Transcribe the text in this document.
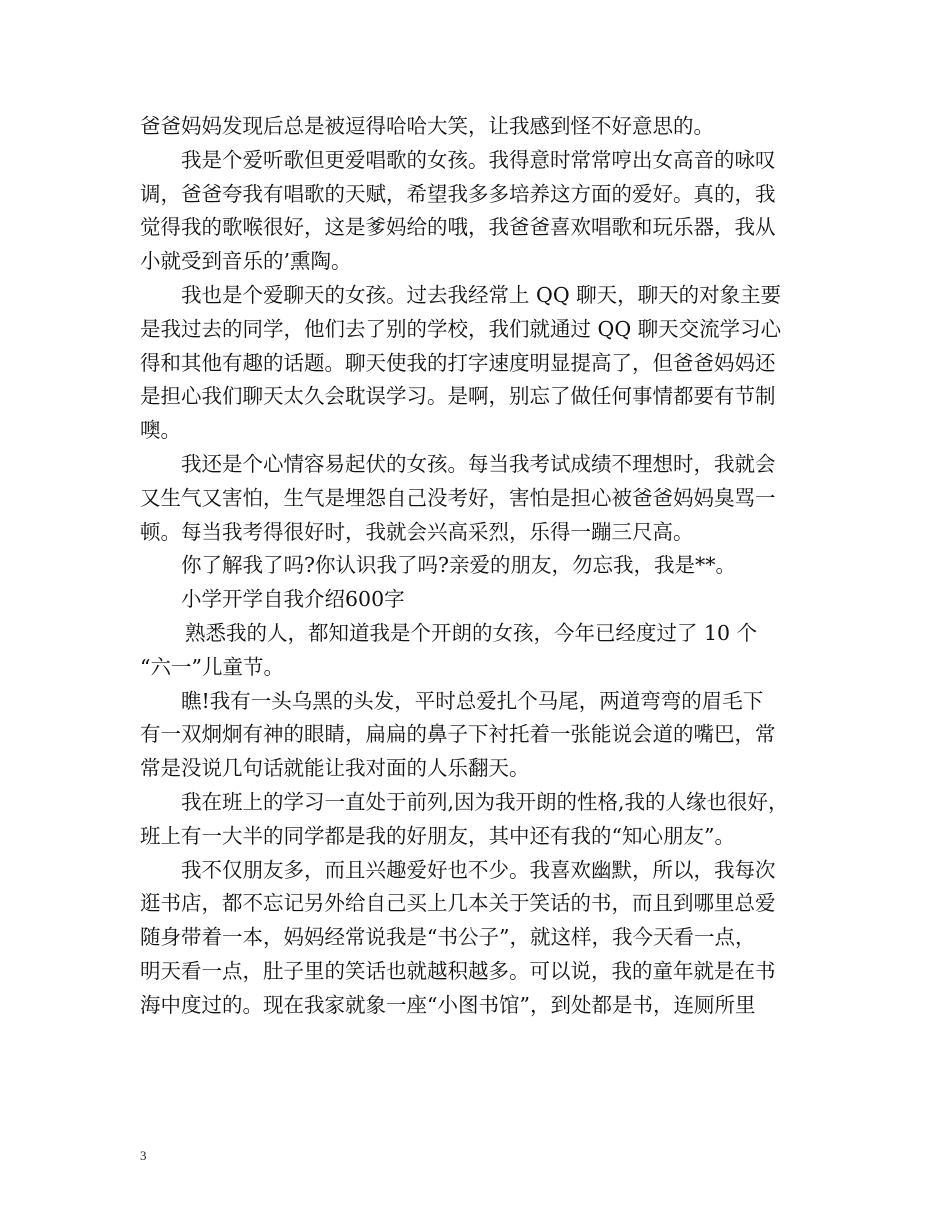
爸爸妈妈发现后总是被逗得哈哈大笑，让我感到怪不好意思的。
我是个爱听歌但更爱唱歌的女孩。我得意时常常哼出女高音的咏叹
调，爸爸夸我有唱歌的天赋，希望我多多培养这方面的爱好。真的，我
觉得我的歌喉很好，这是爹妈给的哦，我爸爸喜欢唱歌和玩乐器，我从
小就受到音乐的’熏陶。
我也是个爱聊天的女孩。过去我经常上 QQ 聊天，聊天的对象主要
是我过去的同学，他们去了别的学校，我们就通过 QQ 聊天交流学习心
得和其他有趣的话题。聊天使我的打字速度明显提高了，但爸爸妈妈还
是担心我们聊天太久会耽误学习。是啊，别忘了做任何事情都要有节制
噢。
我还是个心情容易起伏的女孩。每当我考试成绩不理想时，我就会
又生气又害怕，生气是埋怨自己没考好，害怕是担心被爸爸妈妈臭骂一
顿。每当我考得很好时，我就会兴高采烈，乐得一蹦三尺高。
你了解我了吗?你认识我了吗?亲爱的朋友，勿忘我，我是**。
小学开学自我介绍600字
熟悉我的人，都知道我是个开朗的女孩，今年已经度过了 10 个
“六一”儿童节。
瞧!我有一头乌黑的头发，平时总爱扎个马尾，两道弯弯的眉毛下
有一双炯炯有神的眼睛，扁扁的鼻子下衬托着一张能说会道的嘴巴，常
常是没说几句话就能让我对面的人乐翻天。
我在班上的学习一直处于前列,因为我开朗的性格,我的人缘也很好，
班上有一大半的同学都是我的好朋友，其中还有我的“知心朋友”。
我不仅朋友多，而且兴趣爱好也不少。我喜欢幽默，所以，我每次
逛书店，都不忘记另外给自己买上几本关于笑话的书，而且到哪里总爱
随身带着一本，妈妈经常说我是“书公子”，就这样，我今天看一点，
明天看一点，肚子里的笑话也就越积越多。可以说，我的童年就是在书
海中度过的。现在我家就象一座“小图书馆”，到处都是书，连厕所里
3
